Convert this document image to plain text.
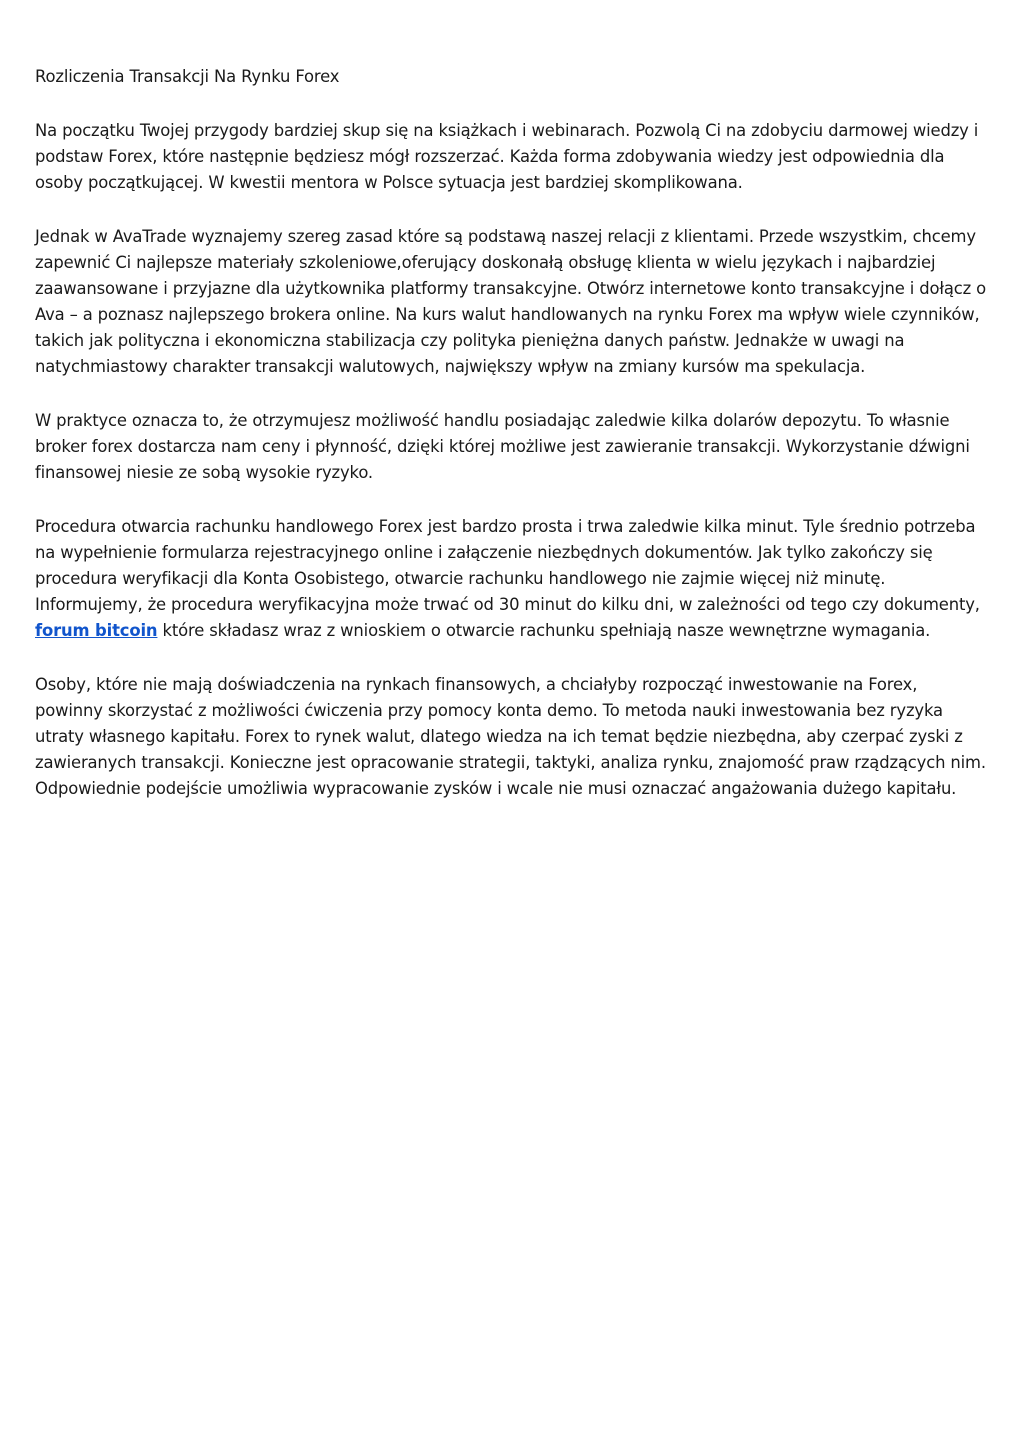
Rozliczenia Transakcji Na Rynku Forex

Na początku Twojej przygody bardziej skup się na książkach i webinarach. Pozwolą Ci na zdobyciu darmowej wiedzy i podstaw Forex, które następnie będziesz mógł rozszerzać. Każda forma zdobywania wiedzy jest odpowiednia dla osoby początkującej. W kwestii mentora w Polsce sytuacja jest bardziej skomplikowana.

Jednak w AvaTrade wyznajemy szereg zasad które są podstawą naszej relacji z klientami. Przede wszystkim, chcemy zapewnić Ci najlepsze materiały szkoleniowe,oferujący doskonałą obsługę klienta w wielu językach i najbardziej zaawansowane i przyjazne dla użytkownika platformy transakcyjne. Otwórz internetowe konto transakcyjne i dołącz o Ava – a poznasz najlepszego brokera online. Na kurs walut handlowanych na rynku Forex ma wpływ wiele czynników, takich jak polityczna i ekonomiczna stabilizacja czy polityka pieniężna danych państw. Jednakże w uwagi na natychmiastowy charakter transakcji walutowych, największy wpływ na zmiany kursów ma spekulacja.

W praktyce oznacza to, że otrzymujesz możliwość handlu posiadając zaledwie kilka dolarów depozytu. To własnie broker forex dostarcza nam ceny i płynność, dzięki której możliwe jest zawieranie transakcji. Wykorzystanie dźwigni finansowej niesie ze sobą wysokie ryzyko.

Procedura otwarcia rachunku handlowego Forex jest bardzo prosta i trwa zaledwie kilka minut. Tyle średnio potrzeba na wypełnienie formularza rejestracyjnego online i załączenie niezbędnych dokumentów. Jak tylko zakończy się procedura weryfikacji dla Konta Osobistego, otwarcie rachunku handlowego nie zajmie więcej niż minutę. Informujemy, że procedura weryfikacyjna może trwać od 30 minut do kilku dni, w zależności od tego czy dokumenty, forum bitcoin które składasz wraz z wnioskiem o otwarcie rachunku spełniają nasze wewnętrzne wymagania.

Osoby, które nie mają doświadczenia na rynkach finansowych, a chciałyby rozpocząć inwestowanie na Forex, powinny skorzystać z możliwości ćwiczenia przy pomocy konta demo. To metoda nauki inwestowania bez ryzyka utraty własnego kapitału. Forex to rynek walut, dlatego wiedza na ich temat będzie niezbędna, aby czerpać zyski z zawieranych transakcji. Konieczne jest opracowanie strategii, taktyki, analiza rynku, znajomość praw rządzących nim. Odpowiednie podejście umożliwia wypracowanie zysków i wcale nie musi oznaczać angażowania dużego kapitału.
